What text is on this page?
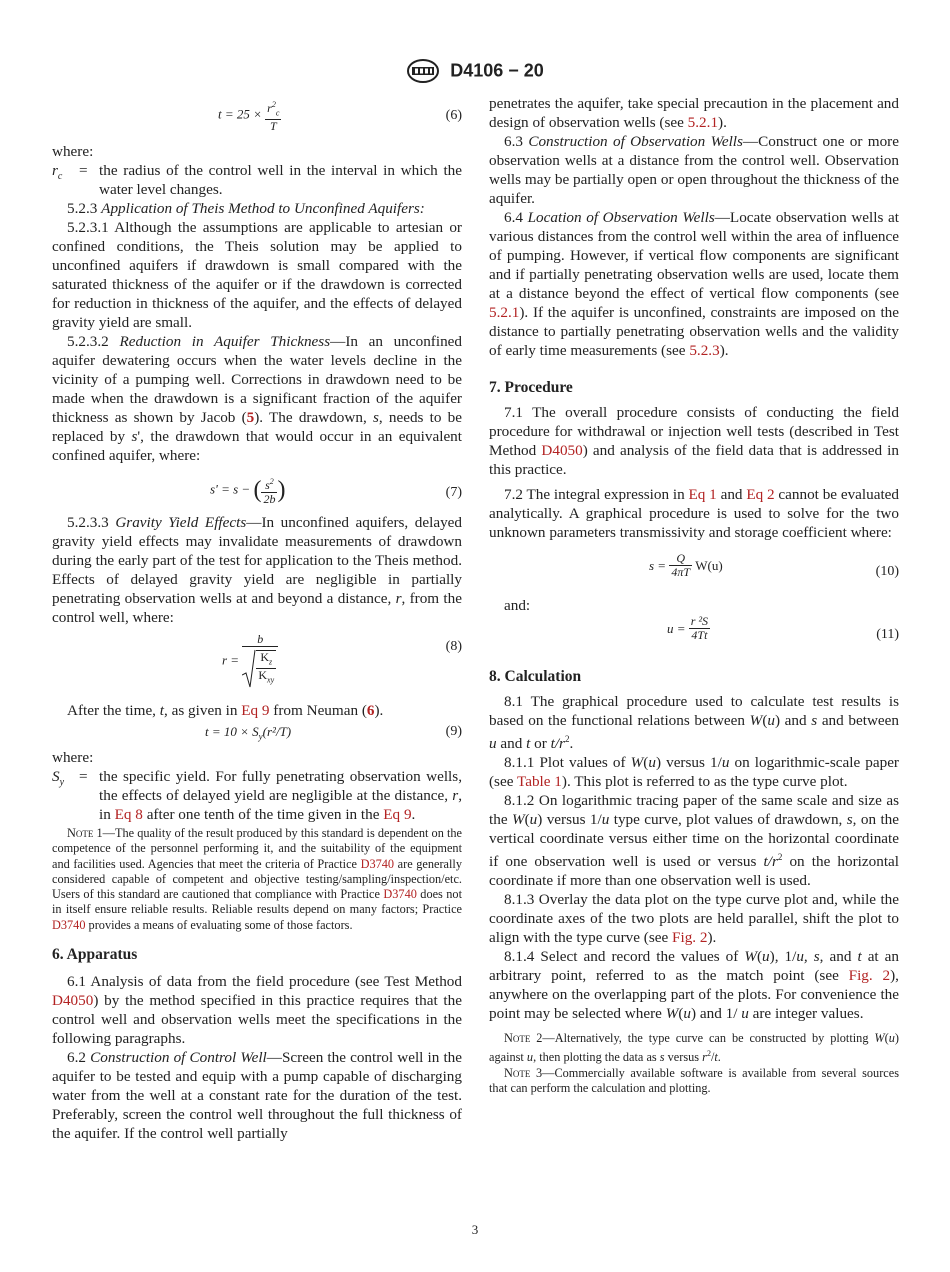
D4106 − 20
$t = 25 \times \frac{r^2_c}{T}$	(6)

where:

$r_c$ = the radius of the control well in the interval in which the water level changes.

5.2.3 Application of Theis Method to Unconfined Aquifers:

5.2.3.1 Although the assumptions are applicable to artesian or confined conditions, the Theis solution may be applied to unconfined aquifers if drawdown is small compared with the saturated thickness of the aquifer or if the drawdown is corrected for reduction in thickness of the aquifer, and the effects of delayed gravity yield are small.

5.2.3.2 Reduction in Aquifer Thickness—In an unconfined aquifer dewatering occurs when the water levels decline in the vicinity of a pumping well. Corrections in drawdown need to be made when the drawdown is a significant fraction of the aquifer thickness as shown by Jacob (5). The drawdown, s, needs to be replaced by s', the drawdown that would occur in an equivalent confined aquifer, where:

s' = s − ( $\frac{s^2}{2b}$ )	(7)

5.2.3.3 Gravity Yield Effects—In unconfined aquifers, delayed gravity yield effects may invalidate measurements of drawdown during the early part of the test for application to the Theis method. Effects of delayed gravity yield are negligible in partially penetrating observation wells at and beyond a distance, r, from the control well, where:

$r = \frac{b}{\frac{K_z}{K_{xy}}}$	(8)

After the time, t, as given in Eq 9 from Neuman (6).

$t = 10 \times S_y(r^2/T)$	(9)

where:

$S_y$ = the specific yield. For fully penetrating observation wells, the effects of delayed yield are negligible at the distance, r, in Eq 8 after one tenth of the time given in the Eq 9.

Note 1—The quality of the result produced by this standard is dependent on the competence of the personnel performing it, and the suitability of the equipment and facilities used. Agencies that meet the criteria of Practice D3740 are generally considered capable of competent and objective testing/sampling/inspection/etc. Users of this standard are cautioned that compliance with Practice D3740 does not in itself ensure reliable results. Reliable results depend on many factors; Practice D3740 provides a means of evaluating some of those factors.

6. Apparatus

6.1 Analysis of data from the field procedure (see Test Method D4050) by the method specified in this practice requires that the control well and observation wells meet the specifications in the following paragraphs.

6.2 Construction of Control Well—Screen the control well in the aquifer to be tested and equip with a pump capable of discharging water from the well at a constant rate for the duration of the test. Preferably, screen the control well throughout the full thickness of the aquifer. If the control well partially

penetrates the aquifer, take special precaution in the placement and design of observation wells (see 5.2.1).

6.3 Construction of Observation Wells—Construct one or more observation wells at a distance from the control well. Observation wells may be partially open or open throughout the thickness of the aquifer.

6.4 Location of Observation Wells—Locate observation wells at various distances from the control well within the area of influence of pumping. However, if vertical flow components are significant and if partially penetrating observation wells are used, locate them at a distance beyond the effect of vertical flow components (see 5.2.1). If the aquifer is unconfined, constraints are imposed on the distance to partially penetrating observation wells and the validity of early time measurements (see 5.2.3).

7. Procedure

7.1 The overall procedure consists of conducting the field procedure for withdrawal or injection well tests (described in Test Method D4050) and analysis of the field data that is addressed in this practice.

7.2 The integral expression in Eq 1 and Eq 2 cannot be evaluated analytically. A graphical procedure is used to solve for the two unknown parameters transmissivity and storage coefficient where:

$s = \frac{Q}{4\pi T} W(u)$	(10)

and:

$u = \frac{\text{r ²S}}{4Tt}$	(11)

8. Calculation

8.1 The graphical procedure used to calculate test results is based on the functional relations between W(u) and s and between u and t or $t/r^2$.

8.1.1 Plot values of W(u) versus 1/u on logarithmic-scale paper (see Table 1). This plot is referred to as the type curve plot.

8.1.2 On logarithmic tracing paper of the same scale and size as the W(u) versus 1/u type curve, plot values of drawdown, s, on the vertical coordinate versus either time on the horizontal coordinate if one observation well is used or versus $t/r^2$ on the horizontal coordinate if more than one observation well is used.

8.1.3 Overlay the data plot on the type curve plot and, while the coordinate axes of the two plots are held parallel, shift the plot to align with the type curve (see Fig. 2).

8.1.4 Select and record the values of W(u), 1/u, s, and t at an arbitrary point, referred to as the match point (see Fig. 2), anywhere on the overlapping part of the plots. For convenience the point may be selected where W(u) and 1/ u are integer values.

Note 2—Alternatively, the type curve can be constructed by plotting W(u) against u, then plotting the data as s versus $r^2/t$.

Note 3—Commercially available software is available from several sources that can perform the calculation and plotting.

3
